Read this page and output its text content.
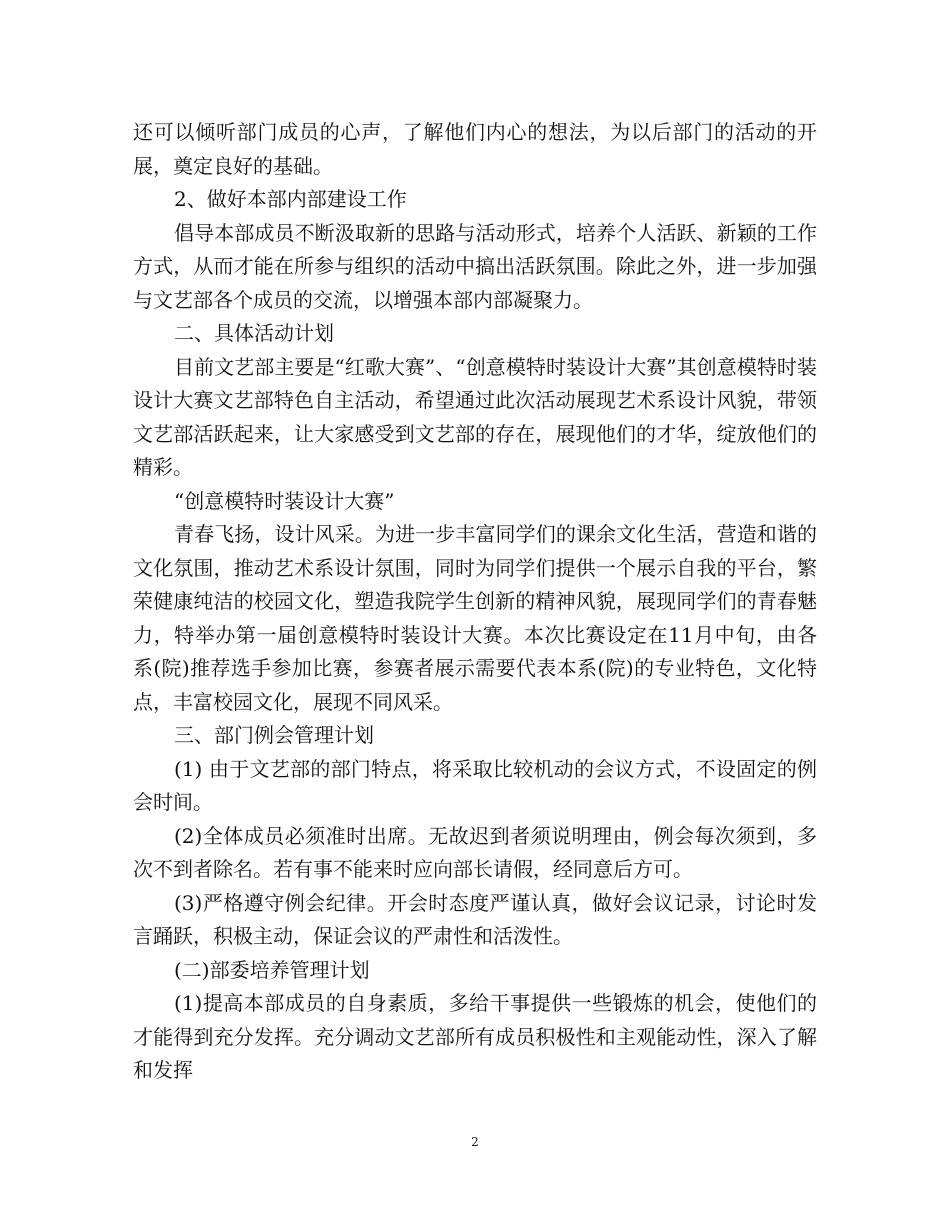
还可以倾听部门成员的心声，了解他们内心的想法，为以后部门的活动的开展，奠定良好的基础。

2、做好本部内部建设工作

倡导本部成员不断汲取新的思路与活动形式，培养个人活跃、新颖的工作方式，从而才能在所参与组织的活动中搞出活跃氛围。除此之外，进一步加强与文艺部各个成员的交流，以增强本部内部凝聚力。

二、具体活动计划

目前文艺部主要是“红歌大赛”、“创意模特时装设计大赛”其创意模特时装设计大赛文艺部特色自主活动，希望通过此次活动展现艺术系设计风貌，带领文艺部活跃起来，让大家感受到文艺部的存在，展现他们的才华，绽放他们的精彩。

“创意模特时装设计大赛”

青春飞扬，设计风采。为进一步丰富同学们的课余文化生活，营造和谐的文化氛围，推动艺术系设计氛围，同时为同学们提供一个展示自我的平台，繁荣健康纯洁的校园文化，塑造我院学生创新的精神风貌，展现同学们的青春魅力，特举办第一届创意模特时装设计大赛。本次比赛设定在11月中旬，由各系(院)推荐选手参加比赛，参赛者展示需要代表本系(院)的专业特色，文化特点，丰富校园文化，展现不同风采。

三、部门例会管理计划

(1) 由于文艺部的部门特点，将采取比较机动的会议方式，不设固定的例会时间。

(2)全体成员必须准时出席。无故迟到者须说明理由，例会每次须到，多次不到者除名。若有事不能来时应向部长请假，经同意后方可。

(3)严格遵守例会纪律。开会时态度严谨认真，做好会议记录，讨论时发言踊跃，积极主动，保证会议的严肃性和活泼性。

(二)部委培养管理计划

(1)提高本部成员的自身素质，多给干事提供一些锻炼的机会，使他们的才能得到充分发挥。充分调动文艺部所有成员积极性和主观能动性，深入了解和发挥

2
